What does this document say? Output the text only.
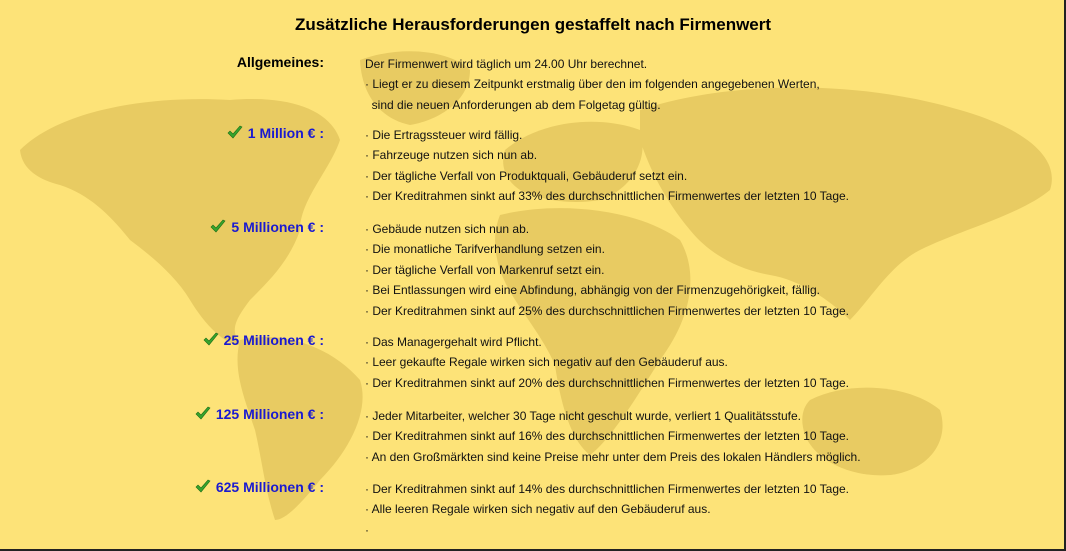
Zusätzliche Herausforderungen gestaffelt nach Firmenwert
Allgemeines:	Der Firmenwert wird täglich um 24.00 Uhr berechnet.
· Liegt er zu diesem Zeitpunkt erstmalig über den im folgenden angegebenen Werten,
sind die neuen Anforderungen ab dem Folgetag gültig.
1 Million € :	· Die Ertragssteuer wird fällig.
· Fahrzeuge nutzen sich nun ab.
· Der tägliche Verfall von Produktquali, Gebäuderuf setzt ein.
· Der Kreditrahmen sinkt auf 33% des durchschnittlichen Firmenwertes der letzten 10 Tage.
5 Millionen € :	· Gebäude nutzen sich nun ab.
· Die monatliche Tarifverhandlung setzen ein.
· Der tägliche Verfall von Markenruf setzt ein.
· Bei Entlassungen wird eine Abfindung, abhängig von der Firmenzugehörigkeit, fällig.
· Der Kreditrahmen sinkt auf 25% des durchschnittlichen Firmenwertes der letzten 10 Tage.
25 Millionen € :	· Das Managergehalt wird Pflicht.
· Leer gekaufte Regale wirken sich negativ auf den Gebäuderuf aus.
· Der Kreditrahmen sinkt auf 20% des durchschnittlichen Firmenwertes der letzten 10 Tage.
125 Millionen € :	· Jeder Mitarbeiter, welcher 30 Tage nicht geschult wurde, verliert 1 Qualitätsstufe.
· Der Kreditrahmen sinkt auf 16% des durchschnittlichen Firmenwertes der letzten 10 Tage.
· An den Großmärkten sind keine Preise mehr unter dem Preis des lokalen Händlers möglich.
625 Millionen € :	· Der Kreditrahmen sinkt auf 14% des durchschnittlichen Firmenwertes der letzten 10 Tage.
· Alle leeren Regale wirken sich negativ auf den Gebäuderuf aus.
·
